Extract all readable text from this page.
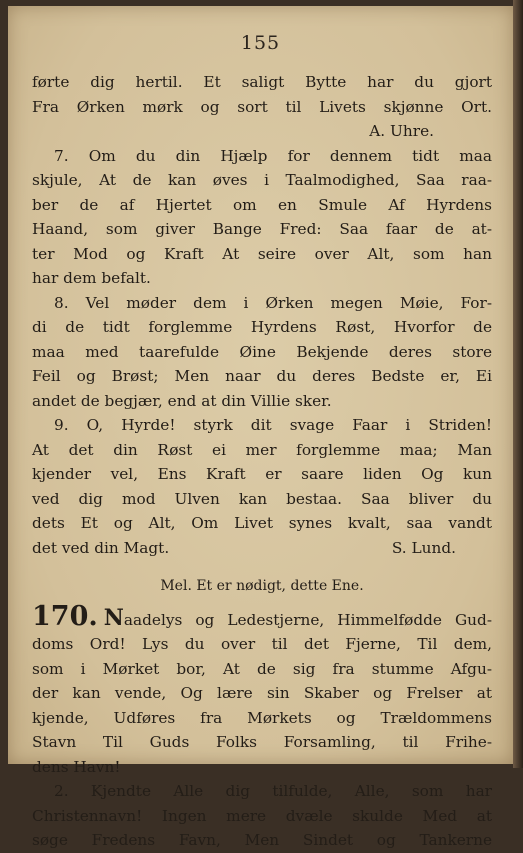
155
førte dig hertil. Et saligt Bytte har du gjort
Fra Ørken mørk og sort til Livets skjønne Ort.
A. Uhre.
7. Om du din Hjælp for dennem tidt maa
skjule, At de kan øves i Taalmodighed, Saa raa-
ber de af Hjertet om en Smule Af Hyrdens
Haand, som giver Bange Fred: Saa faar de at-
ter Mod og Kraft At seire over Alt, som han
har dem befalt.
8. Vel møder dem i Ørken megen Møie, For-
di de tidt forglemme Hyrdens Røst, Hvorfor de
maa med taarefulde Øine Bekjende deres store
Feil og Brøst; Men naar du deres Bedste er, Ei
andet de begjær, end at din Villie sker.
9. O, Hyrde! styrk dit svage Faar i Striden!
At det din Røst ei mer forglemme maa; Man
kjender vel, Ens Kraft er saare liden Og kun
ved dig mod Ulven kan bestaa. Saa bliver du
dets Et og Alt, Om Livet synes kvalt, saa vandt
det ved din Magt.	S. Lund.
Mel. Et er nødigt, dette Ene.
170. N aadelys og Ledestjerne, Himmelfødde Gud-
doms Ord! Lys du over til det Fjerne, Til dem,
som i Mørket bor, At de sig fra stumme Afgu-
der kan vende, Og lære sin Skaber og Frelser at
kjende, Udføres fra Mørkets og Trældommens
Stavn Til Guds Folks Forsamling, til Frihe-
dens Havn!
2. Kjendte Alle dig tilfulde, Alle, som har
Christennavn! Ingen mere dvæle skulde Med at
søge Fredens Favn, Men Sindet og Tankerne
